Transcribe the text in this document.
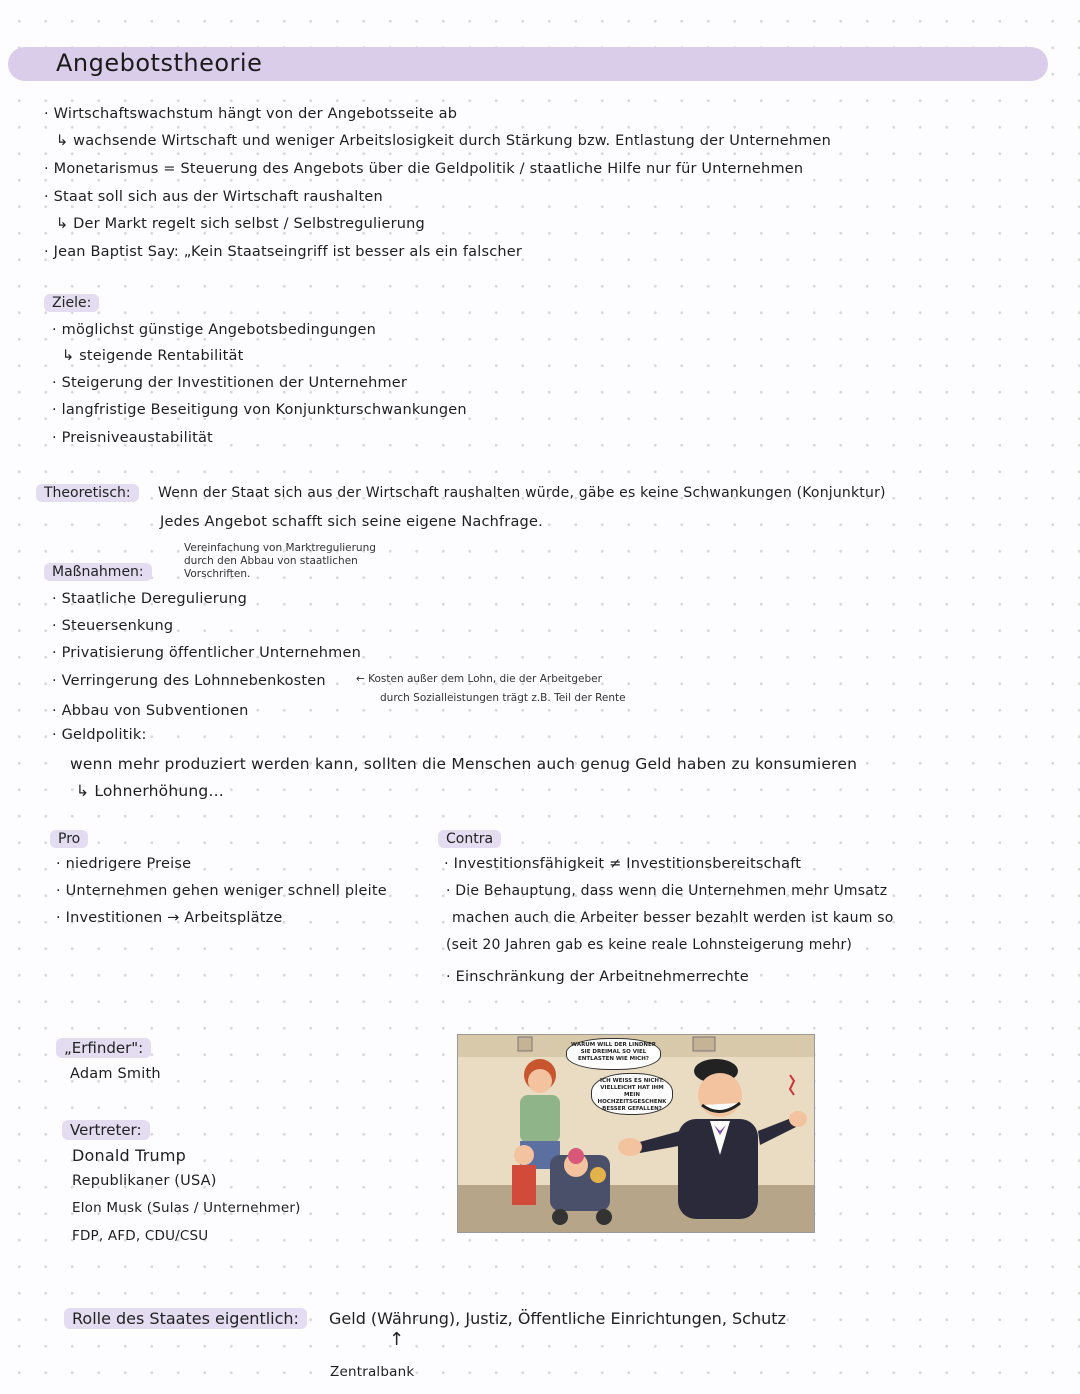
Angebotstheorie
· Wirtschaftswachstum hängt von der Angebotsseite ab
↳ wachsende Wirtschaft und weniger Arbeitslosigkeit durch Stärkung bzw. Entlastung der Unternehmen
· Monetarismus = Steuerung des Angebots über die Geldpolitik / staatliche Hilfe nur für Unternehmen
· Staat soll sich aus der Wirtschaft raushalten
↳ Der Markt regelt sich selbst / Selbstregulierung
· Jean Baptist Say: „Kein Staatseingriff ist besser als ein falscher
Ziele:
· möglichst günstige Angebotsbedingungen
↳ steigende Rentabilität
· Steigerung der Investitionen der Unternehmer
· langfristige Beseitigung von Konjunkturschwankungen
· Preisniveaustabilität
Theoretisch:	Wenn der Staat sich aus der Wirtschaft raushalten würde, gäbe es keine Schwankungen (Konjunktur)
Jedes Angebot schafft sich seine eigene Nachfrage.
Vereinfachung von Marktregulierung
durch den Abbau von staatlichen
Vorschriften.
Maßnahmen:
· Staatliche Deregulierung
· Steuersenkung
· Privatisierung öffentlicher Unternehmen
· Verringerung des Lohnnebenkosten	← Kosten außer dem Lohn, die der Arbeitgeber
durch Sozialleistungen trägt z.B. Teil der Rente
· Abbau von Subventionen
· Geldpolitik:
wenn mehr produziert werden kann, sollten die Menschen auch genug Geld haben zu konsumieren
↳ Lohnerhöhung...
Pro
· niedrigere Preise
· Unternehmen gehen weniger schnell pleite
· Investitionen → Arbeitsplätze
Contra
· Investitionsfähigkeit ≠ Investitionsbereitschaft
· Die Behauptung, dass wenn die Unternehmen mehr Umsatz
machen auch die Arbeiter besser bezahlt werden ist kaum so
(seit 20 Jahren gab es keine reale Lohnsteigerung mehr)
· Einschränkung der Arbeitnehmerrechte
„Erfinder":
Adam Smith
Vertreter:
Donald Trump
Republikaner (USA)
Elon Musk (Sulas / Unternehmer)
FDP, AFD, CDU/CSU
WARUM WILL DER LINDNER SIE DREIMAL SO VIEL ENTLASTEN WIE MICH?
ICH WEISS ES NICHT. VIELLEICHT HAT IHM MEIN HOCHZEITSGESCHENK BESSER GEFALLEN?
Rolle des Staates eigentlich:	Geld (Währung), Justiz, Öffentliche Einrichtungen, Schutz
↑
Zentralbank
